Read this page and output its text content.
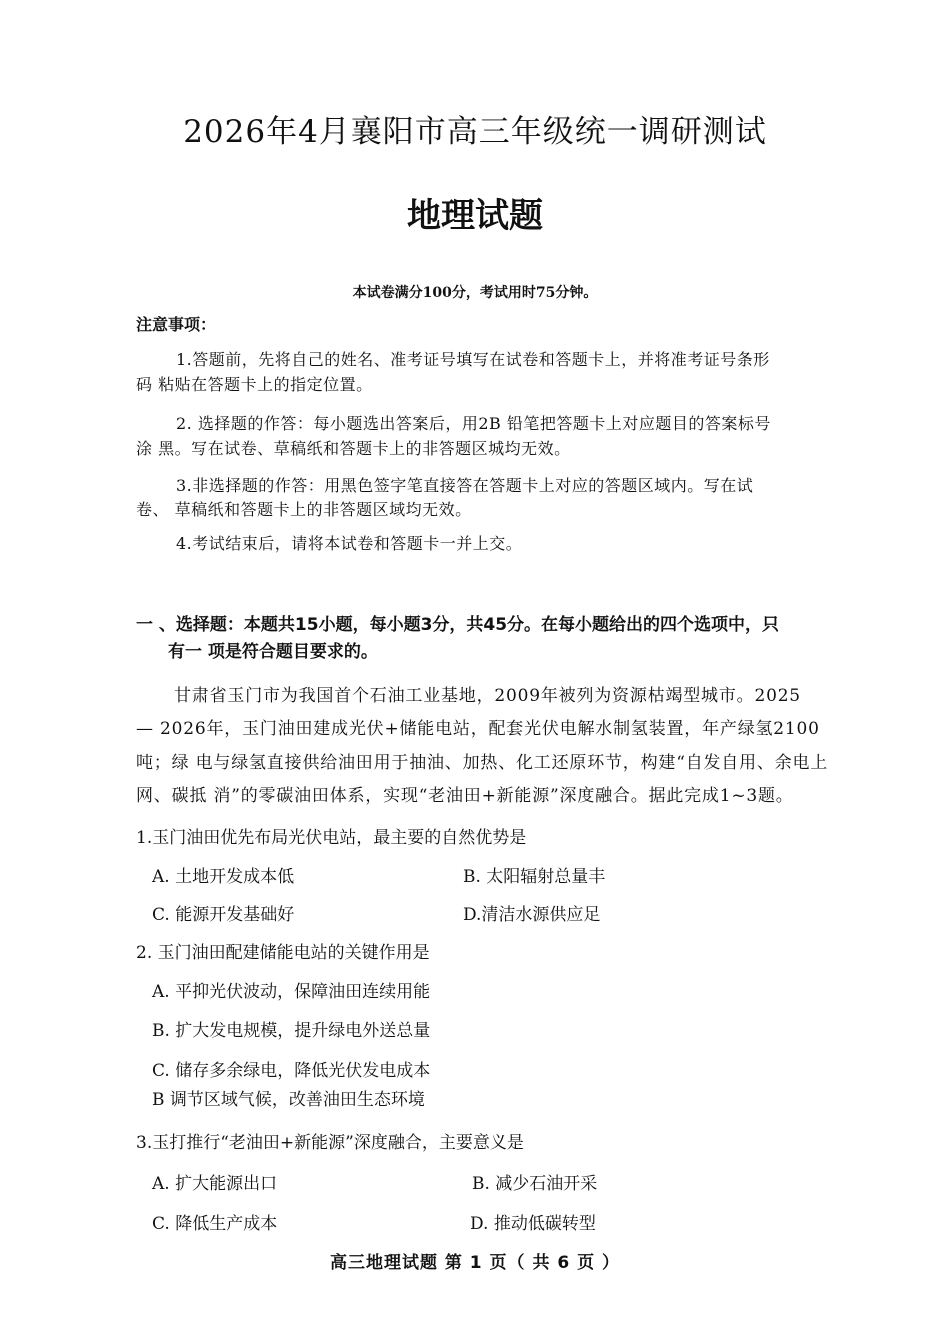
2026年4月襄阳市高三年级统一调研测试
地理试题
本试卷满分100分，考试用时75分钟。
注意事项：
1.答题前，先将自己的姓名、准考证号填写在试卷和答题卡上，并将准考证号条形
码 粘贴在答题卡上的指定位置。
2. 选择题的作答：每小题选出答案后，用2B 铅笔把答题卡上对应题目的答案标号
涂 黑。写在试卷、草稿纸和答题卡上的非答题区城均无效。
3.非选择题的作答：用黑色签字笔直接答在答题卡上对应的答题区域内。写在试
卷、 草稿纸和答题卡上的非答题区域均无效。
4.考试结束后，请将本试卷和答题卡一并上交。
一 、选择题：本题共15小题，每小题3分，共45分。在每小题给出的四个选项中，只
有一 项是符合题目要求的。
甘肃省玉门市为我国首个石油工业基地，2009年被列为资源枯竭型城市。2025
— 2026年，玉门油田建成光伏+储能电站，配套光伏电解水制氢装置，年产绿氢2100
吨；绿 电与绿氢直接供给油田用于抽油、加热、化工还原环节，构建“自发自用、余电上
网、碳抵 消”的零碳油田体系，实现“老油田+新能源”深度融合。据此完成1~3题。
1.玉门油田优先布局光伏电站，最主要的自然优势是
A. 土地开发成本低	B. 太阳辐射总量丰
C. 能源开发基础好	D.清洁水源供应足
2. 玉门油田配建储能电站的关键作用是
A. 平抑光伏波动，保障油田连续用能
B. 扩大发电规模，提升绿电外送总量
C. 储存多余绿电，降低光伏发电成本
B 调节区域气候，改善油田生态环境
3.玉打推行“老油田+新能源”深度融合，主要意义是
A. 扩大能源出口	B. 减少石油开采
C. 降低生产成本	D. 推动低碳转型
高三地理试题 第 1 页（ 共 6 页 ）
